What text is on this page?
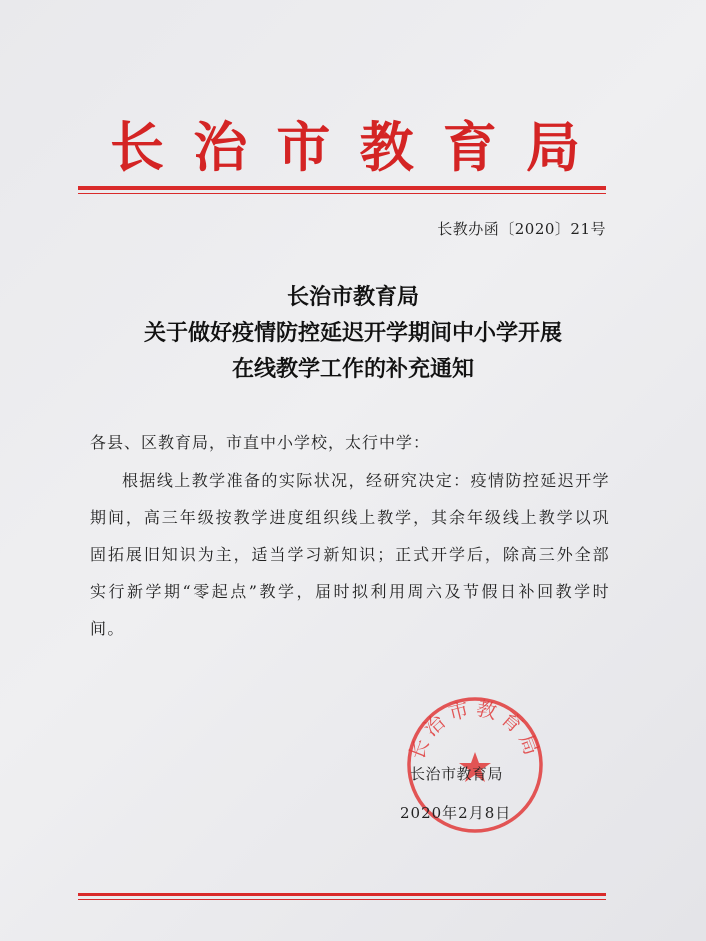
长 治 市 教 育 局
长教办函〔2020〕21号
长治市教育局
关于做好疫情防控延迟开学期间中小学开展
在线教学工作的补充通知
各县、区教育局，市直中小学校，太行中学：
根据线上教学准备的实际状况，经研究决定：疫情防控延迟开学期间，高三年级按教学进度组织线上教学，其余年级线上教学以巩固拓展旧知识为主，适当学习新知识；正式开学后，除高三外全部实行新学期“零起点”教学，届时拟利用周六及节假日补回教学时间。
长治市教育局
长治市教育局
2020年2月8日
